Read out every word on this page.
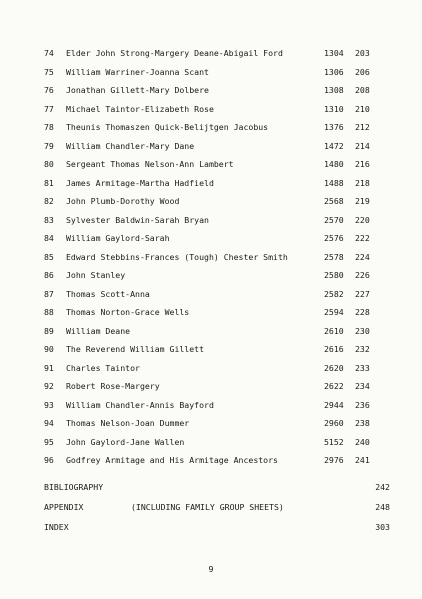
BIBLIOGRAPHY	242
APPENDIX	(INCLUDING FAMILY GROUP SHEETS)	248
INDEX	303
74	Elder John Strong-Margery Deane-Abigail Ford	1304	203
75	William Warriner-Joanna Scant	1306	206
76	Jonathan Gillett-Mary Dolbere	1308	208
77	Michael Taintor-Elizabeth Rose	1310	210
78	Theunis Thomaszen Quick-Belijtgen Jacobus	1376	212
79	William Chandler-Mary Dane	1472	214
80	Sergeant Thomas Nelson-Ann Lambert	1480	216
81	James Armitage-Martha Hadfield	1488	218
82	John Plumb-Dorothy Wood	2568	219
83	Sylvester Baldwin-Sarah Bryan	2570	220
84	William Gaylord-Sarah	2576	222
85	Edward Stebbins-Frances (Tough) Chester Smith	2578	224
86	John Stanley	2580	226
87	Thomas Scott-Anna	2582	227
88	Thomas Norton-Grace Wells	2594	228
89	William Deane	2610	230
90	The Reverend William Gillett	2616	232
91	Charles Taintor	2620	233
92	Robert Rose-Margery	2622	234
93	William Chandler-Annis Bayford	2944	236
94	Thomas Nelson-Joan Dummer	2960	238
95	John Gaylord-Jane Wallen	5152	240
96	Godfrey Armitage and His Armitage Ancestors	2976	241
9
